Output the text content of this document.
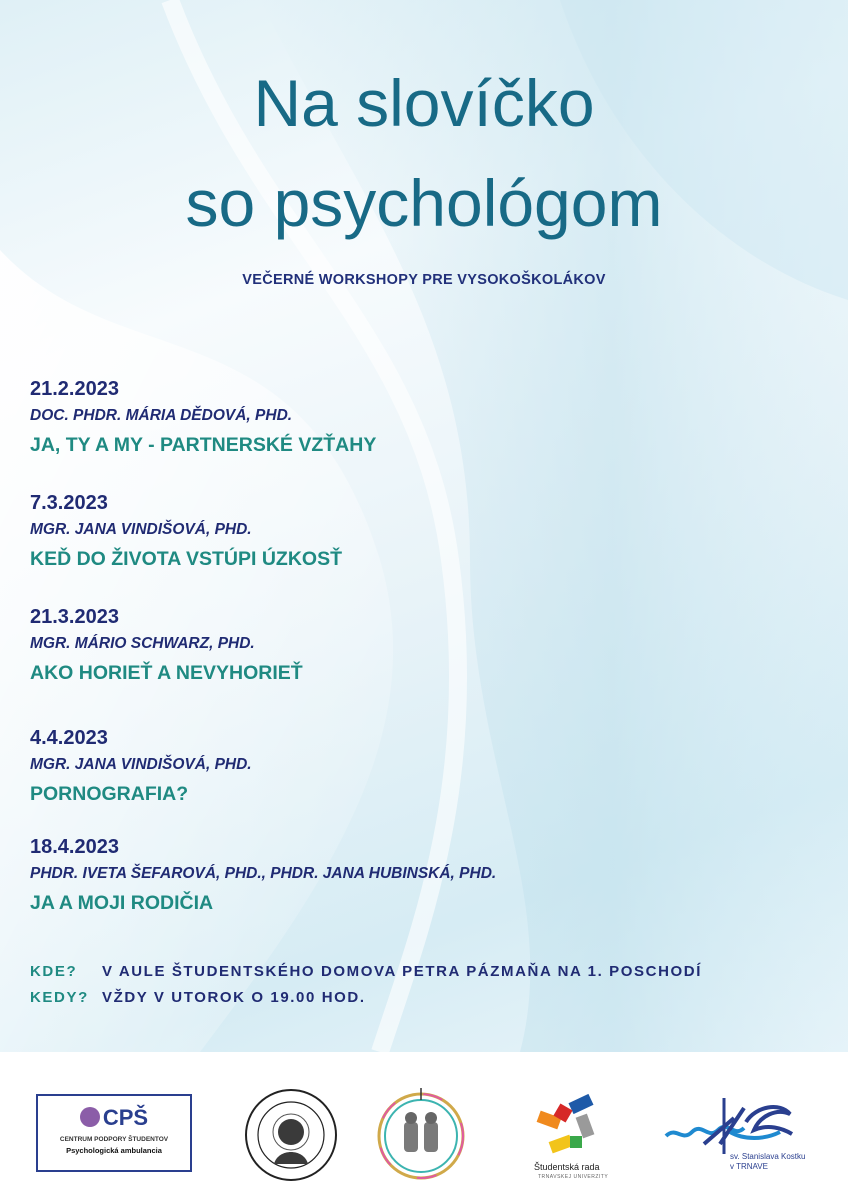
Na slovíčko
so psychológom
VEČERNÉ WORKSHOPY PRE VYSOKOŠKOLÁKOV
21.2.2023
DOC. PHDR. MÁRIA DĚDOVÁ, PHD.
JA, TY A MY - PARTNERSKÉ VZŤAHY
7.3.2023
MGR. JANA VINDIŠOVÁ, PHD.
KEĎ DO ŽIVOTA VSTÚPI ÚZKOSŤ
21.3.2023
MGR. MÁRIO SCHWARZ, PHD.
AKO HORIEŤ A NEVYHORIEŤ
4.4.2023
MGR. JANA VINDIŠOVÁ, PHD.
PORNOGRAFIA?
18.4.2023
PHDR. IVETA ŠEFAROVÁ, PHD., PHDR. JANA HUBINSKÁ, PHD.
JA A MOJI RODIČIA
KDE? V AULE ŠTUDENTSKÉHO DOMOVA PETRA PÁZMAŇA NA 1. POSCHODÍ
KEDY? VŽDY V UTOROK O 19.00 HOD.
CPŠ
CENTRUM PODPORY ŠTUDENTOV
Psychologická ambulancia
Študentská rada
TRNAVSKEJ UNIVERZITY
sv. Stanislava Kostku
v TRNAVE
